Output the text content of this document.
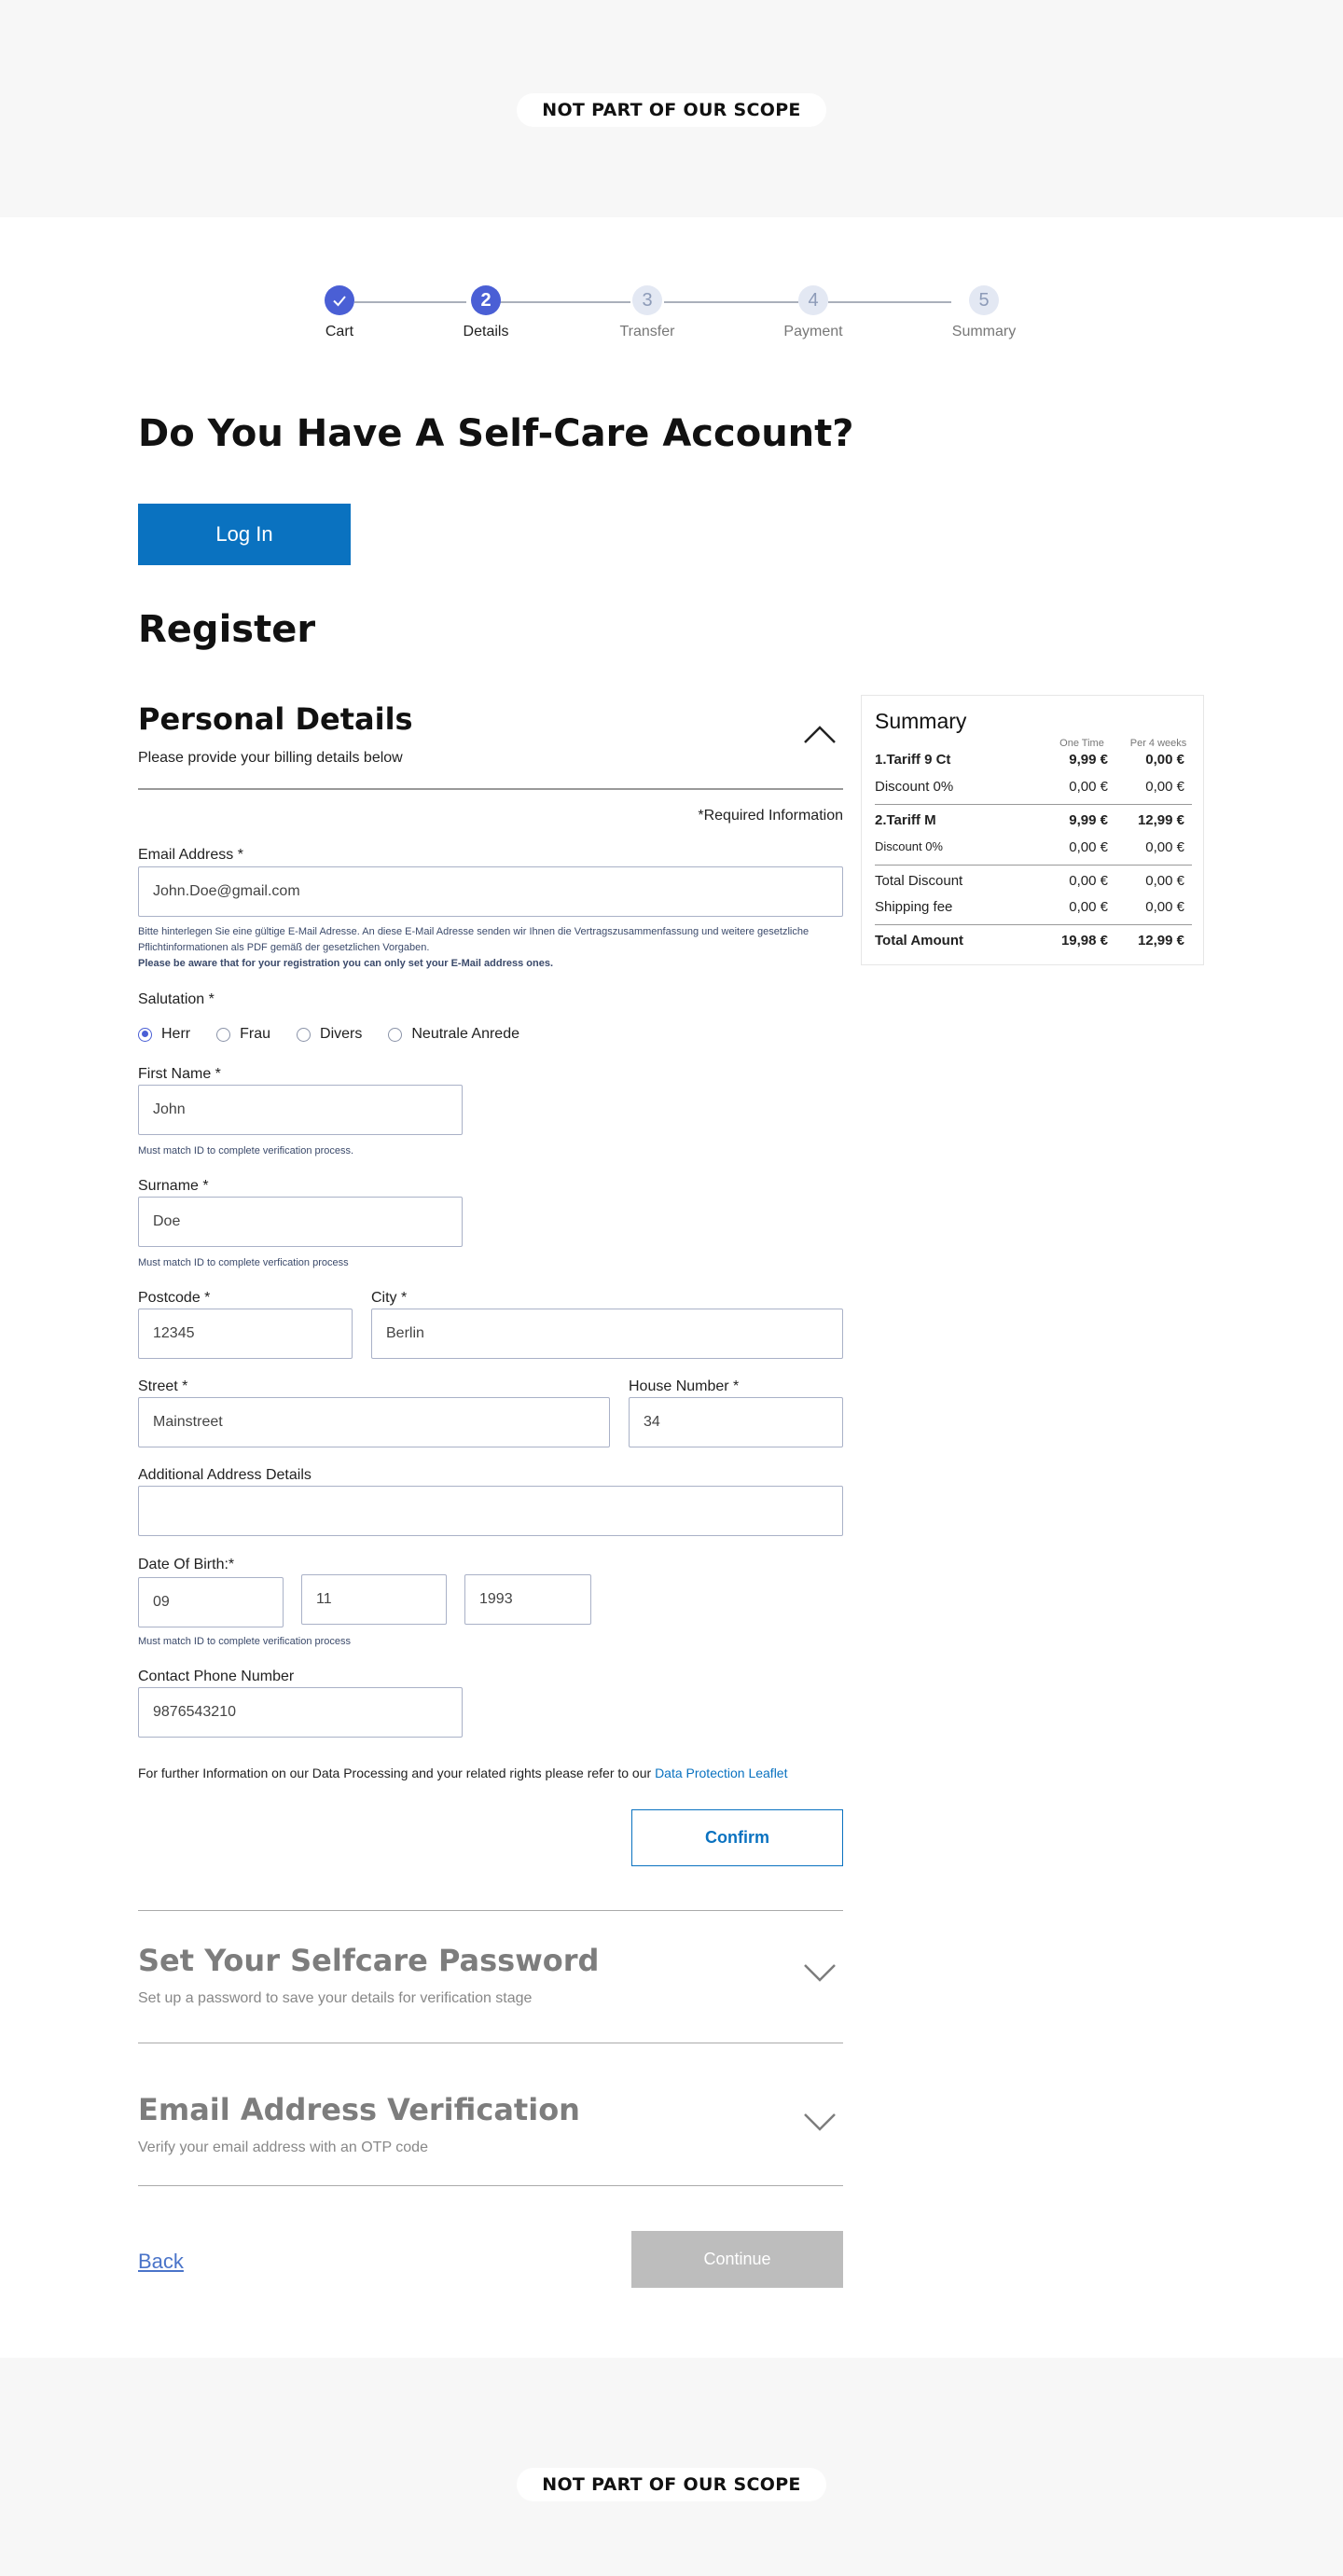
NOT PART OF OUR SCOPE
Cart
2
Details
3
Transfer
4
Payment
5
Summary
Do You Have A Self-Care Account?
Log In
Register
Personal Details
Please provide your billing details below
*Required Information
Email Address *
John.Doe@gmail.com
Bitte hinterlegen Sie eine gültige E-Mail Adresse. An diese E-Mail Adresse senden wir Ihnen die Vertragszusammenfassung und weitere gesetzliche Pflichtinformationen als PDF gemäß der gesetzlichen Vorgaben.
Please be aware that for your registration you can only set your E-Mail address ones.
Salutation *
Herr	Frau	Divers	Neutrale Anrede
First Name *
John
Must match ID to complete verification process.
Surname *
Doe
Must match ID to complete verfication process
Postcode *
12345	City *
Berlin
Street *
Mainstreet	House Number *
34
Additional Address Details
Date Of Birth:*
09
11
1993
Must match ID to complete verification process
Contact Phone Number
9876543210
For further Information on our Data Processing and your related rights please refer to our Data Protection Leaflet
Confirm
Set Your Selfcare Password
Set up a password to save your details for verification stage
Email Address Verification
Verify your email address with an OTP code
Back	Continue
Summary
One Time	Per 4 weeks
1.Tariff 9 Ct	9,99 €	0,00 €
Discount 0%	0,00 €	0,00 €
2.Tariff M	9,99 € 12,99 €
Discount 0%	0,00 €	0,00 €
Total Discount	0,00 €	0,00 €
Shipping fee	0,00 €	0,00 €
Total Amount	19,98 € 12,99 €
NOT PART OF OUR SCOPE
